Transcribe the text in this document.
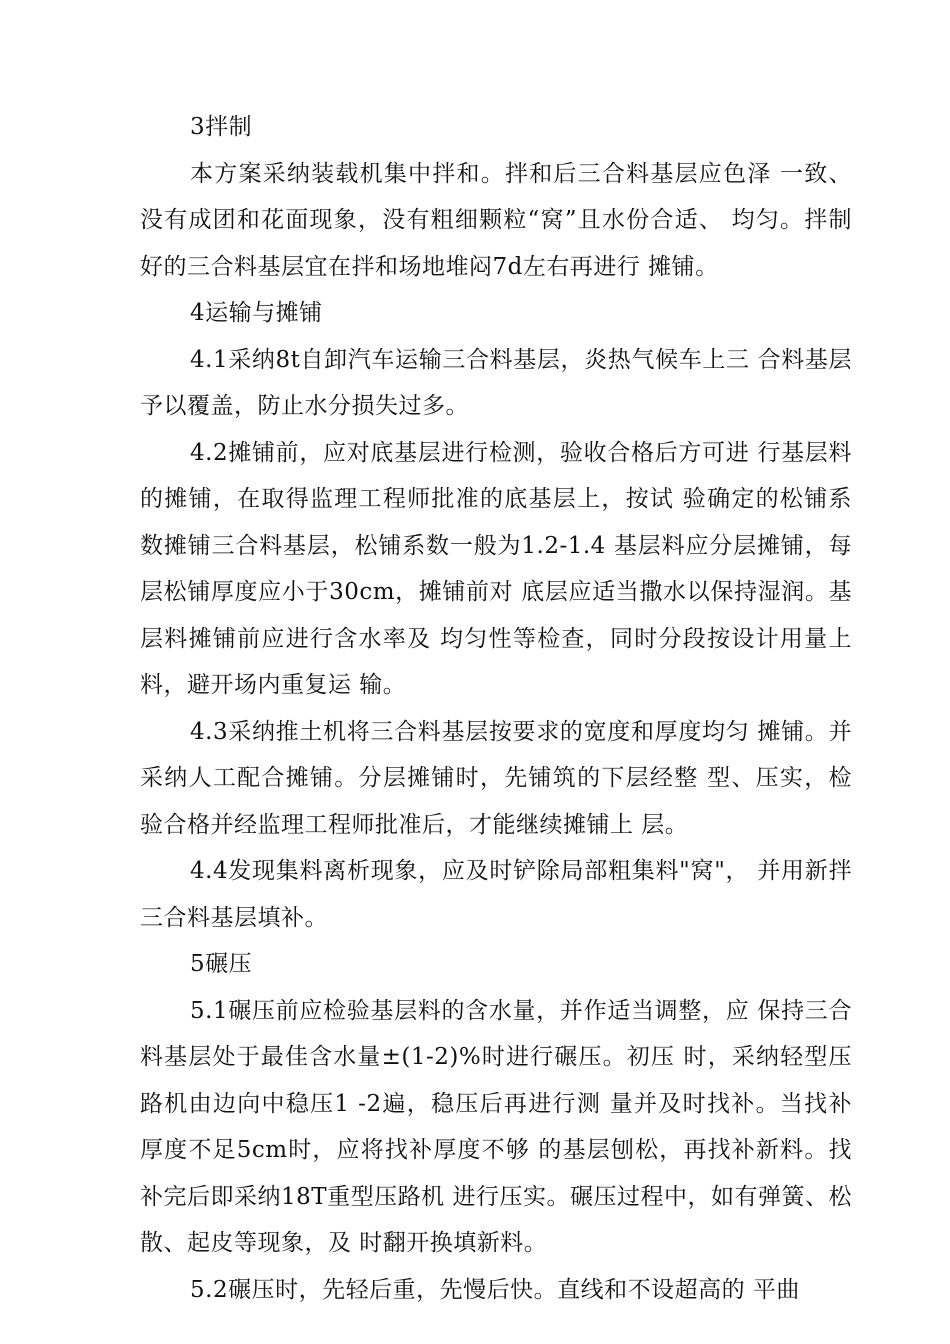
3拌制

本方案采纳装载机集中拌和。拌和后三合料基层应色泽 一致、没有成团和花面现象，没有粗细颗粒“窝”且水份合适、 均匀。拌制好的三合料基层宜在拌和场地堆闷7d左右再进行 摊铺。

4运输与摊铺

4.1采纳8t自卸汽车运输三合料基层，炎热气候车上三 合料基层予以覆盖，防止水分损失过多。

4.2摊铺前，应对底基层进行检测，验收合格后方可进 行基层料的摊铺，在取得监理工程师批准的底基层上，按试 验确定的松铺系数摊铺三合料基层，松铺系数一般为1.2-1.4 基层料应分层摊铺，每层松铺厚度应小于30cm，摊铺前对 底层应适当撒水以保持湿润。基层料摊铺前应进行含水率及 均匀性等检查，同时分段按设计用量上料，避开场内重复运 输。

4.3采纳推土机将三合料基层按要求的宽度和厚度均匀 摊铺。并采纳人工配合摊铺。分层摊铺时，先铺筑的下层经整 型、压实，检验合格并经监理工程师批准后，才能继续摊铺上 层。

4.4发现集料离析现象，应及时铲除局部粗集料"窝"， 并用新拌三合料基层填补。

5碾压

5.1碾压前应检验基层料的含水量，并作适当调整，应 保持三合料基层处于最佳含水量±(1-2)%时进行碾压。初压 时，采纳轻型压路机由边向中稳压1 -2遍，稳压后再进行测 量并及时找补。当找补厚度不足5cm时，应将找补厚度不够 的基层刨松，再找补新料。找补完后即采纳18T重型压路机 进行压实。碾压过程中，如有弹簧、松散、起皮等现象，及 时翻开换填新料。

5.2碾压时，先轻后重，先慢后快。直线和不设超高的 平曲
